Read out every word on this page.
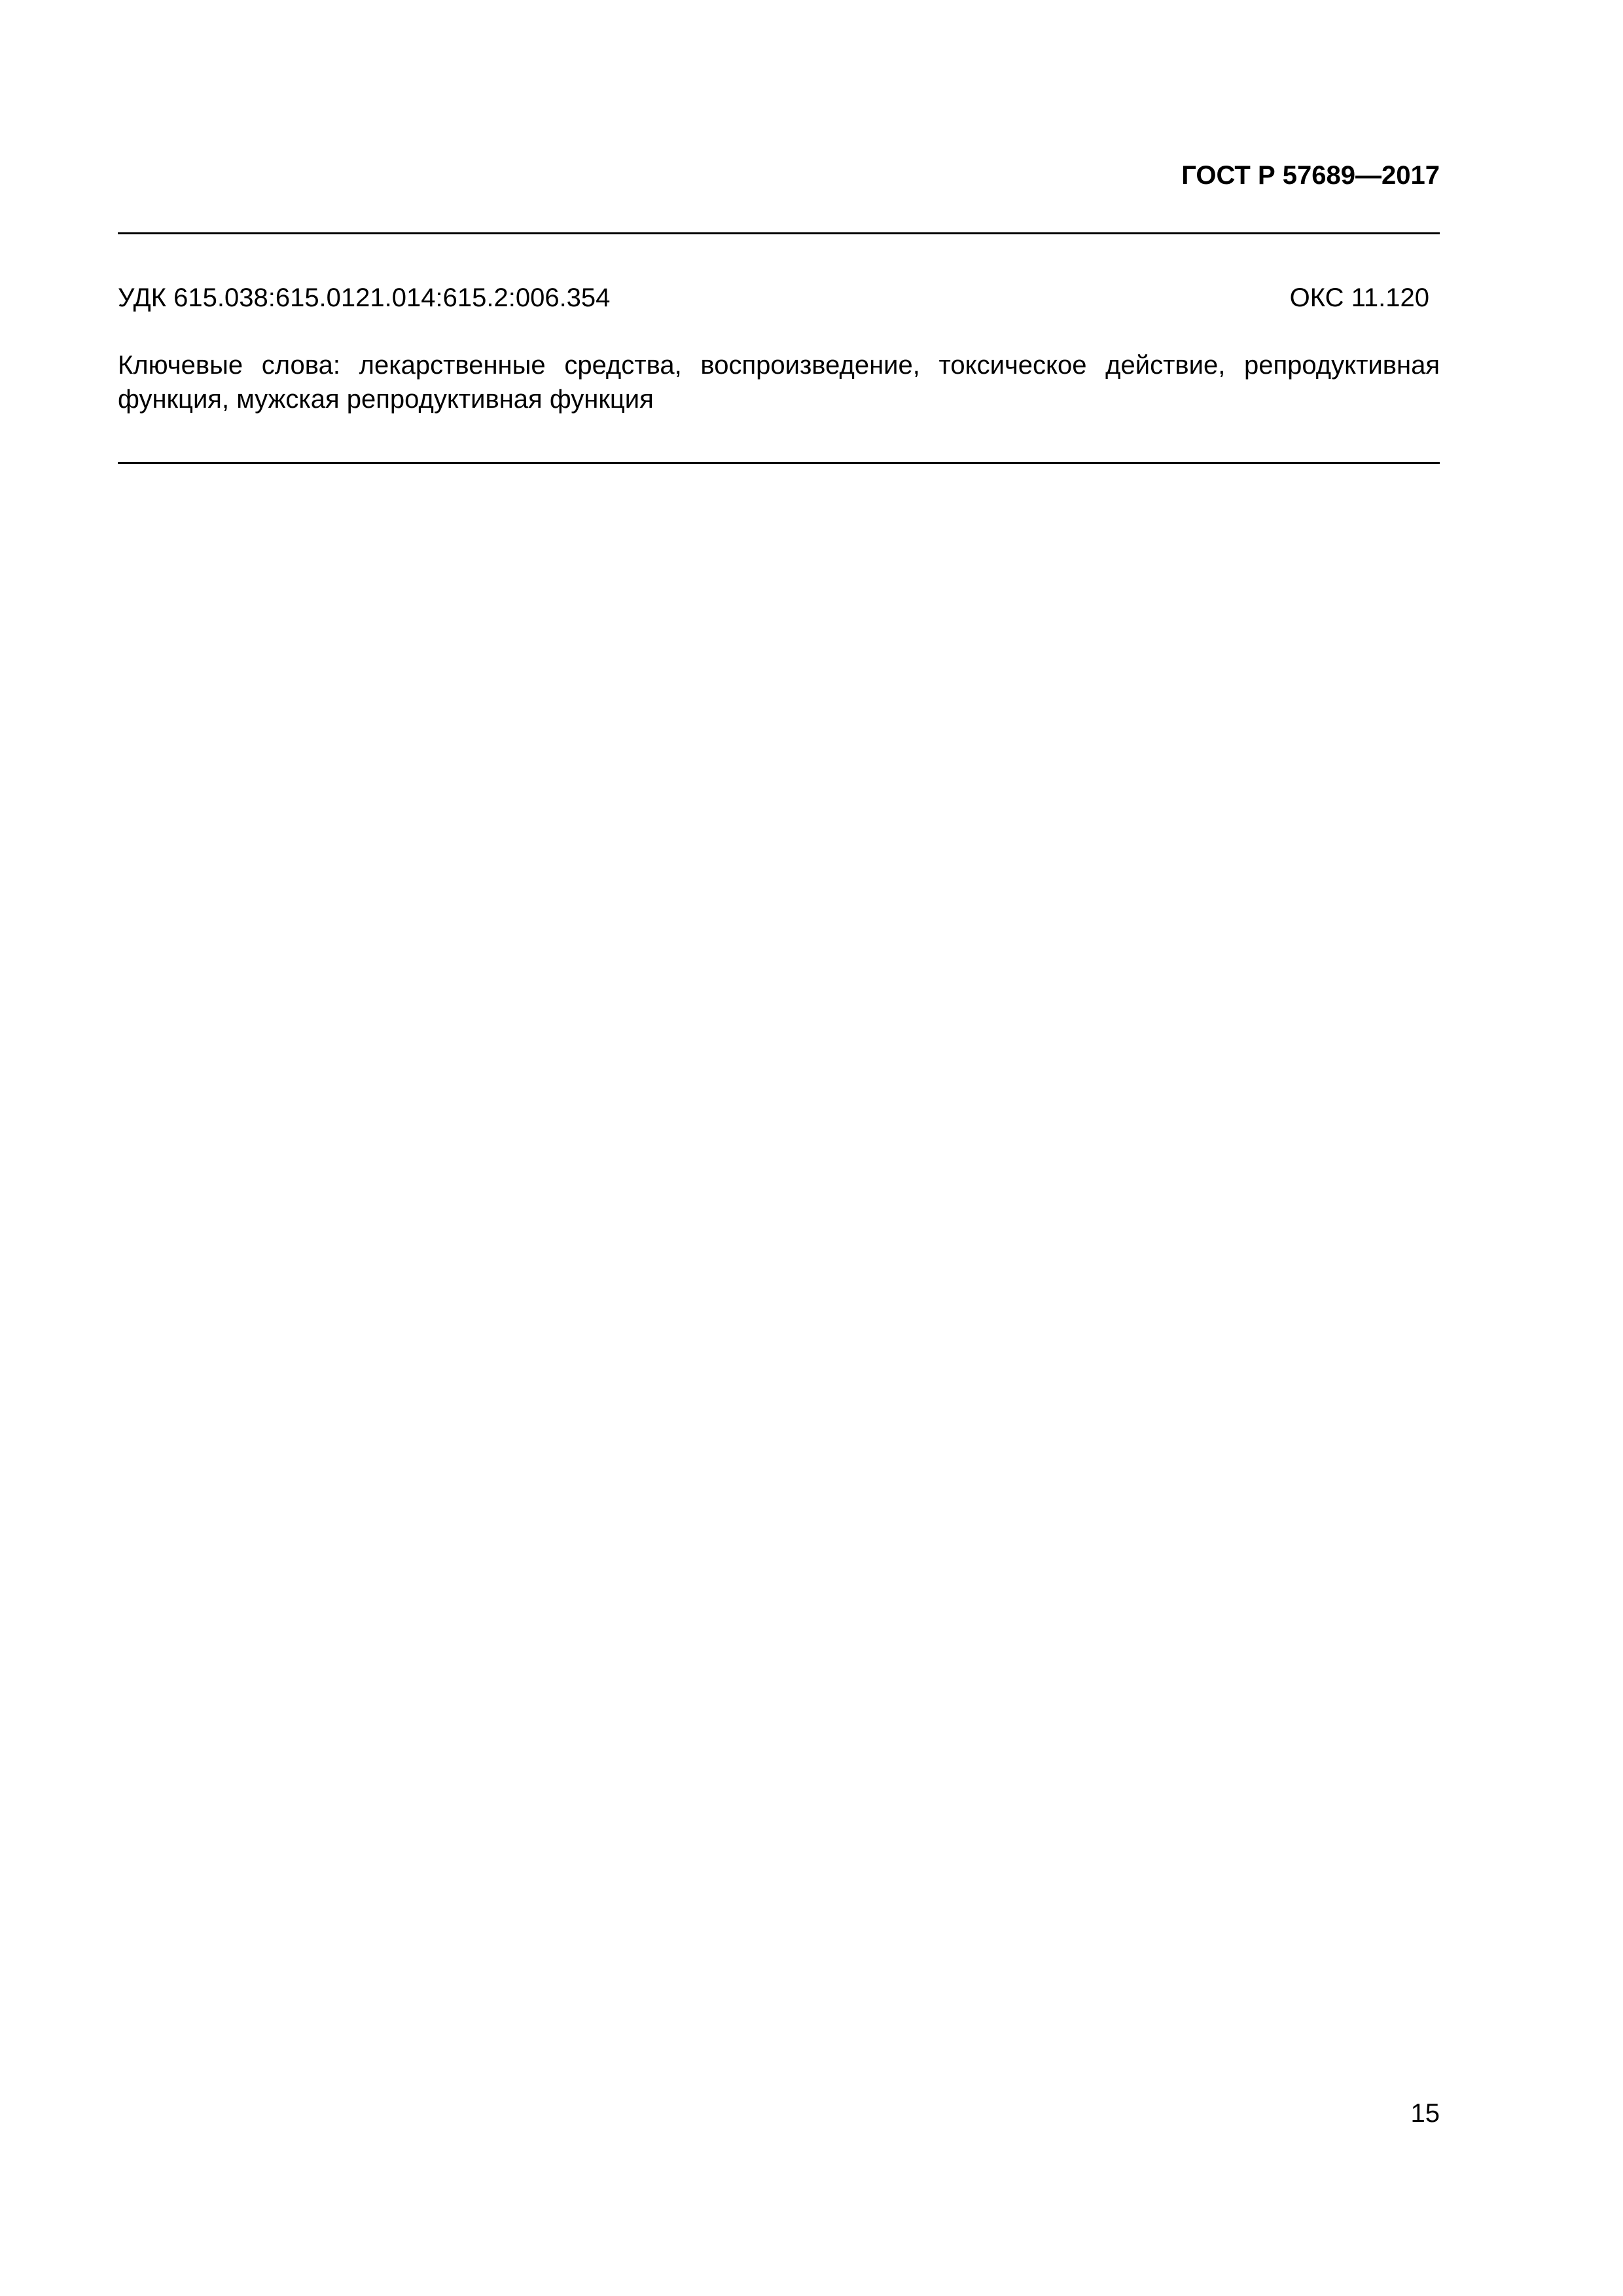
ГОСТ Р 57689—2017
УДК 615.038:615.0121.014:615.2:006.354	ОКС 11.120
Ключевые слова: лекарственные средства, воспроизведение, токсическое действие, репродуктивная функция, мужская репродуктивная функция
15
